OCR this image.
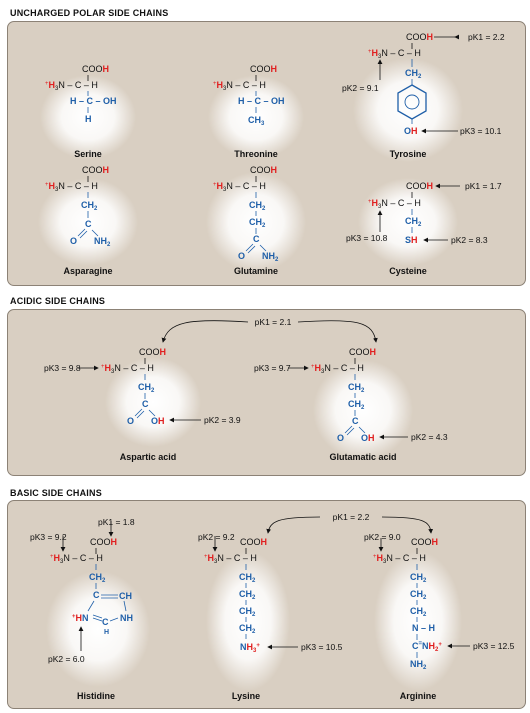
UNCHARGED POLAR SIDE CHAINS
COOH
$^+H_3N$ – C – H
H – C – OH
H
Serine
COOH
$^+H_3N$ – C – H
H – C – OH
$CH_3$
Threonine
COOH
$^+H_3N$ – C – H
$CH_2$
OH
pK1 = 2.2
pK2 = 9.1
pK3 = 10.1
Tyrosine
COOH
$^+H_3N$ – C – H
$CH_2$
C
O $NH_2$
Asparagine
COOH
$^+H_3N$ – C – H
$CH_2$
$CH_2$
C
O $NH_2$
Glutamine
COOH
$^+H_3N$ – C – H
$CH_2$
SH
pK1 = 1.7
pK3 = 10.8	pK2 = 8.3
Cysteine
ACIDIC SIDE CHAINS
pK1 = 2.1
COOH
$^+H_3N$ – C – H
$CH_2$
C
O OH
pK3 = 9.8
pK2 = 3.9
Aspartic acid
COOH
$^+H_3N$ – C – H
$CH_2$
$CH_2$
C
O OH
pK3 = 9.7
pK2 = 4.3
Glutamatic acid
BASIC SIDE CHAINS
pK1 = 2.2
COOH
$^+H_3N$ – C – H
$CH_2$
C CH
+HN C NH
H
pK1 = 1.8
pK3 = 9.2
pK2 = 6.0
Histidine
COOH
$^+H_3N$ – C – H
$CH_2$
$CH_2$
$CH_2$
$CH_2$
$NH_3^+$
pK2 = 9.2
pK3 = 10.5
Lysine
COOH
$^+H_3N$ – C – H
$CH_2$
$CH_2$
$CH_2$
N – H
$C^=NH_2^+$
$NH_2$
pK2 = 9.0
pK3 = 12.5
Arginine
